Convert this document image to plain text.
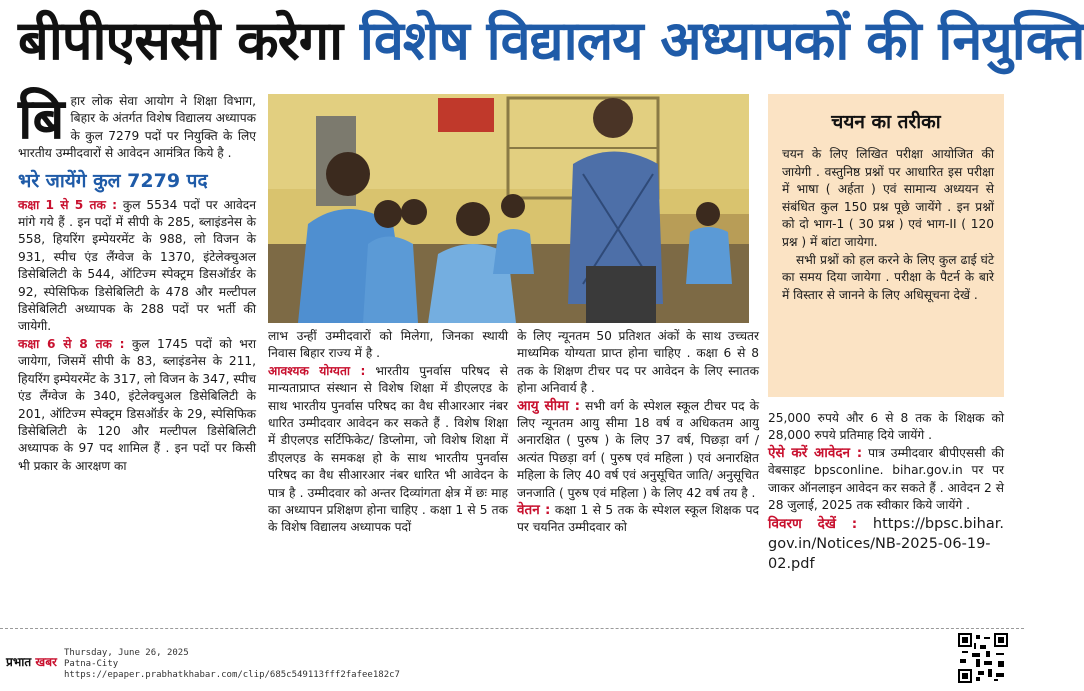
बीपीएससी करेगा विशेष विद्यालय अध्यापकों की नियुक्ति

बिहार लोक सेवा आयोग ने शिक्षा विभाग, बिहार के अंतर्गत विशेष विद्यालय अध्यापक के कुल 7279 पदों पर नियुक्ति के लिए भारतीय उम्मीदवारों से आवेदन आमंत्रित किये है .

भरे जायेंगे कुल 7279 पद

कक्षा 1 से 5 तक : कुल 5534 पदों पर आवेदन मांगे गये हैं . इन पदों में सीपी के 285, ब्लाइंडनेस के 558, हियरिंग इम्पेयरमेंट के 988, लो विजन के 931, स्पीच एंड लैंग्वेज के 1370, इंटेलेक्चुअल डिसेबिलिटी के 544, ऑटिज्म स्पेक्ट्रम डिसऑर्डर के 92, स्पेसिफिक डिसेबिलिटी के 478 और मल्टीपल डिसेबिलिटी अध्यापक के 288 पदों पर भर्ती की जायेगी.

कक्षा 6 से 8 तक : कुल 1745 पदों को भरा जायेगा, जिसमें सीपी के 83, ब्लाइंडनेस के 211, हियरिंग इम्पेयरमेंट के 317, लो विजन के 347, स्पीच एंड लैंग्वेज के 340, इंटेलेक्चुअल डिसेबिलिटी के 201, ऑटिज्म स्पेक्ट्रम डिसऑर्डर के 29, स्पेसिफिक डिसेबिलिटी के 120 और मल्टीपल डिसेबिलिटी अध्यापक के 97 पद शामिल हैं . इन पदों पर किसी भी प्रकार के आरक्षण का

लाभ उन्हीं उम्मीदवारों को मिलेगा, जिनका स्थायी निवास बिहार राज्य में है .

आवश्यक योग्यता : भारतीय पुनर्वास परिषद से मान्यताप्राप्त संस्थान से विशेष शिक्षा में डीएलएड के साथ भारतीय पुनर्वास परिषद का वैध सीआरआर नंबर धारित उम्मीदवार आवेदन कर सकते हैं . विशेष शिक्षा में डीएलएड सर्टिफिकेट/ डिप्लोमा, जो विशेष शिक्षा में डीएलएड के समकक्ष हो के साथ भारतीय पुनर्वास परिषद का वैध सीआरआर नंबर धारित भी आवेदन के पात्र है . उम्मीदवार को अन्तर दिव्यांगता क्षेत्र में छः माह का अध्यापन प्रशिक्षण होना चाहिए . कक्षा 1 से 5 तक के विशेष विद्यालय अध्यापक पदों

के लिए न्यूनतम 50 प्रतिशत अंकों के साथ उच्चतर माध्यमिक योग्यता प्राप्त होना चाहिए . कक्षा 6 से 8 तक के शिक्षण टीचर पद पर आवेदन के लिए स्नातक होना अनिवार्य है .

आयु सीमा : सभी वर्ग के स्पेशल स्कूल टीचर पद के लिए न्यूनतम आयु सीमा 18 वर्ष व अधिकतम आयु अनारक्षित ( पुरुष ) के लिए 37 वर्ष, पिछड़ा वर्ग / अत्यंत पिछड़ा वर्ग ( पुरुष एवं महिला ) एवं अनारक्षित महिला के लिए 40 वर्ष एवं अनुसूचित जाति/ अनुसूचित जनजाति ( पुरुष एवं महिला ) के लिए 42 वर्ष तय है .

वेतन : कक्षा 1 से 5 तक के स्पेशल स्कूल शिक्षक पद पर चयनित उम्मीदवार को

चयन का तरीका

चयन के लिए लिखित परीक्षा आयोजित की जायेगी . वस्तुनिष्ठ प्रश्नों पर आधारित इस परीक्षा में भाषा ( अर्हता ) एवं सामान्य अध्ययन से संबंधित कुल 150 प्रश्न पूछे जायेंगे . इन प्रश्नों को दो भाग-1 ( 30 प्रश्न ) एवं भाग-II ( 120 प्रश्न ) में बांटा जायेगा.

सभी प्रश्नों को हल करने के लिए कुल ढाई घंटे का समय दिया जायेगा . परीक्षा के पैटर्न के बारे में विस्तार से जानने के लिए अधिसूचना देखें .

25,000 रुपये और 6 से 8 तक के शिक्षक को 28,000 रुपये प्रतिमाह दिये जायेंगे .

ऐसे करें आवेदन : पात्र उम्मीदवार बीपीएससी की वेबसाइट bpsconline. bihar.gov.in पर पर जाकर ऑनलाइन आवेदन कर सकते हैं . आवेदन 2 से 28 जुलाई, 2025 तक स्वीकार किये जायेंगे .

विवरण देखें : https://bpsc.bihar. gov.in/Notices/NB-2025-06-19-02.pdf

प्रभात खबर
Thursday, June 26, 2025
Patna-City
https://epaper.prabhatkhabar.com/clip/685c549113fff2fafee182c7
